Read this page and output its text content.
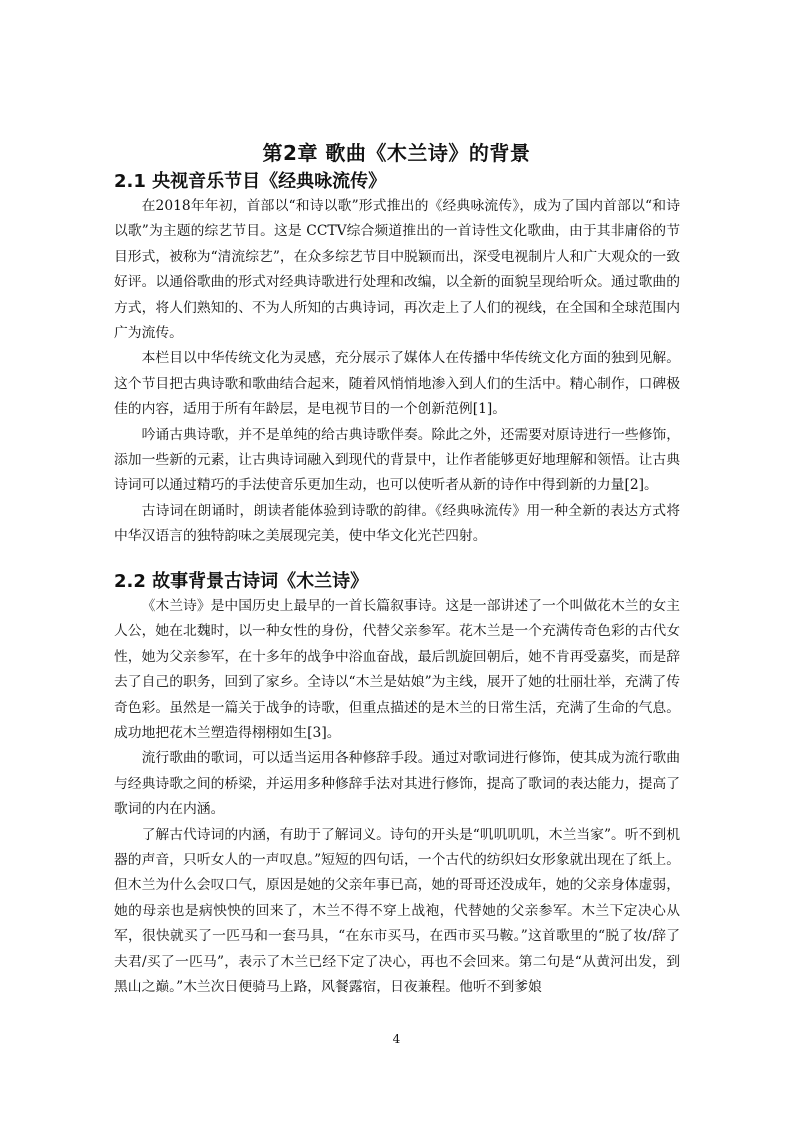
第2章 歌曲《木兰诗》的背景
2.1 央视音乐节目《经典咏流传》

在2018年年初，首部以“和诗以歌”形式推出的《经典咏流传》，成为了国内首部以“和诗以歌”为主题的综艺节目。这是 CCTV综合频道推出的一首诗性文化歌曲，由于其非庸俗的节目形式，被称为“清流综艺”，在众多综艺节目中脱颖而出，深受电视制片人和广大观众的一致好评。以通俗歌曲的形式对经典诗歌进行处理和改编，以全新的面貌呈现给听众。通过歌曲的方式，将人们熟知的、不为人所知的古典诗词，再次走上了人们的视线，在全国和全球范围内广为流传。

本栏目以中华传统文化为灵感，充分展示了媒体人在传播中华传统文化方面的独到见解。这个节目把古典诗歌和歌曲结合起来，随着风悄悄地渗入到人们的生活中。精心制作，口碑极佳的内容，适用于所有年龄层，是电视节目的一个创新范例[1]。

吟诵古典诗歌，并不是单纯的给古典诗歌伴奏。除此之外，还需要对原诗进行一些修饰，添加一些新的元素，让古典诗词融入到现代的背景中，让作者能够更好地理解和领悟。让古典诗词可以通过精巧的手法使音乐更加生动，也可以使听者从新的诗作中得到新的力量[2]。

古诗词在朗诵时，朗读者能体验到诗歌的韵律。《经典咏流传》用一种全新的表达方式将中华汉语言的独特韵味之美展现完美，使中华文化光芒四射。

2.2 故事背景古诗词《木兰诗》

《木兰诗》是中国历史上最早的一首长篇叙事诗。这是一部讲述了一个叫做花木兰的女主人公，她在北魏时，以一种女性的身份，代替父亲参军。花木兰是一个充满传奇色彩的古代女性，她为父亲参军，在十多年的战争中浴血奋战，最后凯旋回朝后，她不肯再受嘉奖，而是辞去了自己的职务，回到了家乡。全诗以“木兰是姑娘”为主线，展开了她的壮丽壮举，充满了传奇色彩。虽然是一篇关于战争的诗歌，但重点描述的是木兰的日常生活，充满了生命的气息。成功地把花木兰塑造得栩栩如生[3]。

流行歌曲的歌词，可以适当运用各种修辞手段。通过对歌词进行修饰，使其成为流行歌曲与经典诗歌之间的桥梁，并运用多种修辞手法对其进行修饰，提高了歌词的表达能力，提高了歌词的内在内涵。

了解古代诗词的内涵，有助于了解词义。诗句的开头是“叽叽叽叽，木兰当家”。听不到机器的声音，只听女人的一声叹息。”短短的四句话，一个古代的纺织妇女形象就出现在了纸上。但木兰为什么会叹口气，原因是她的父亲年事已高，她的哥哥还没成年，她的父亲身体虚弱，她的母亲也是病怏怏的回来了，木兰不得不穿上战袍，代替她的父亲参军。木兰下定决心从军，很快就买了一匹马和一套马具，“在东市买马，在西市买马鞍。”这首歌里的“脱了妆/辞了夫君/买了一匹马”，表示了木兰已经下定了决心，再也不会回来。第二句是“从黄河出发，到黑山之巅。”木兰次日便骑马上路，风餐露宿，日夜兼程。他听不到爹娘

4
